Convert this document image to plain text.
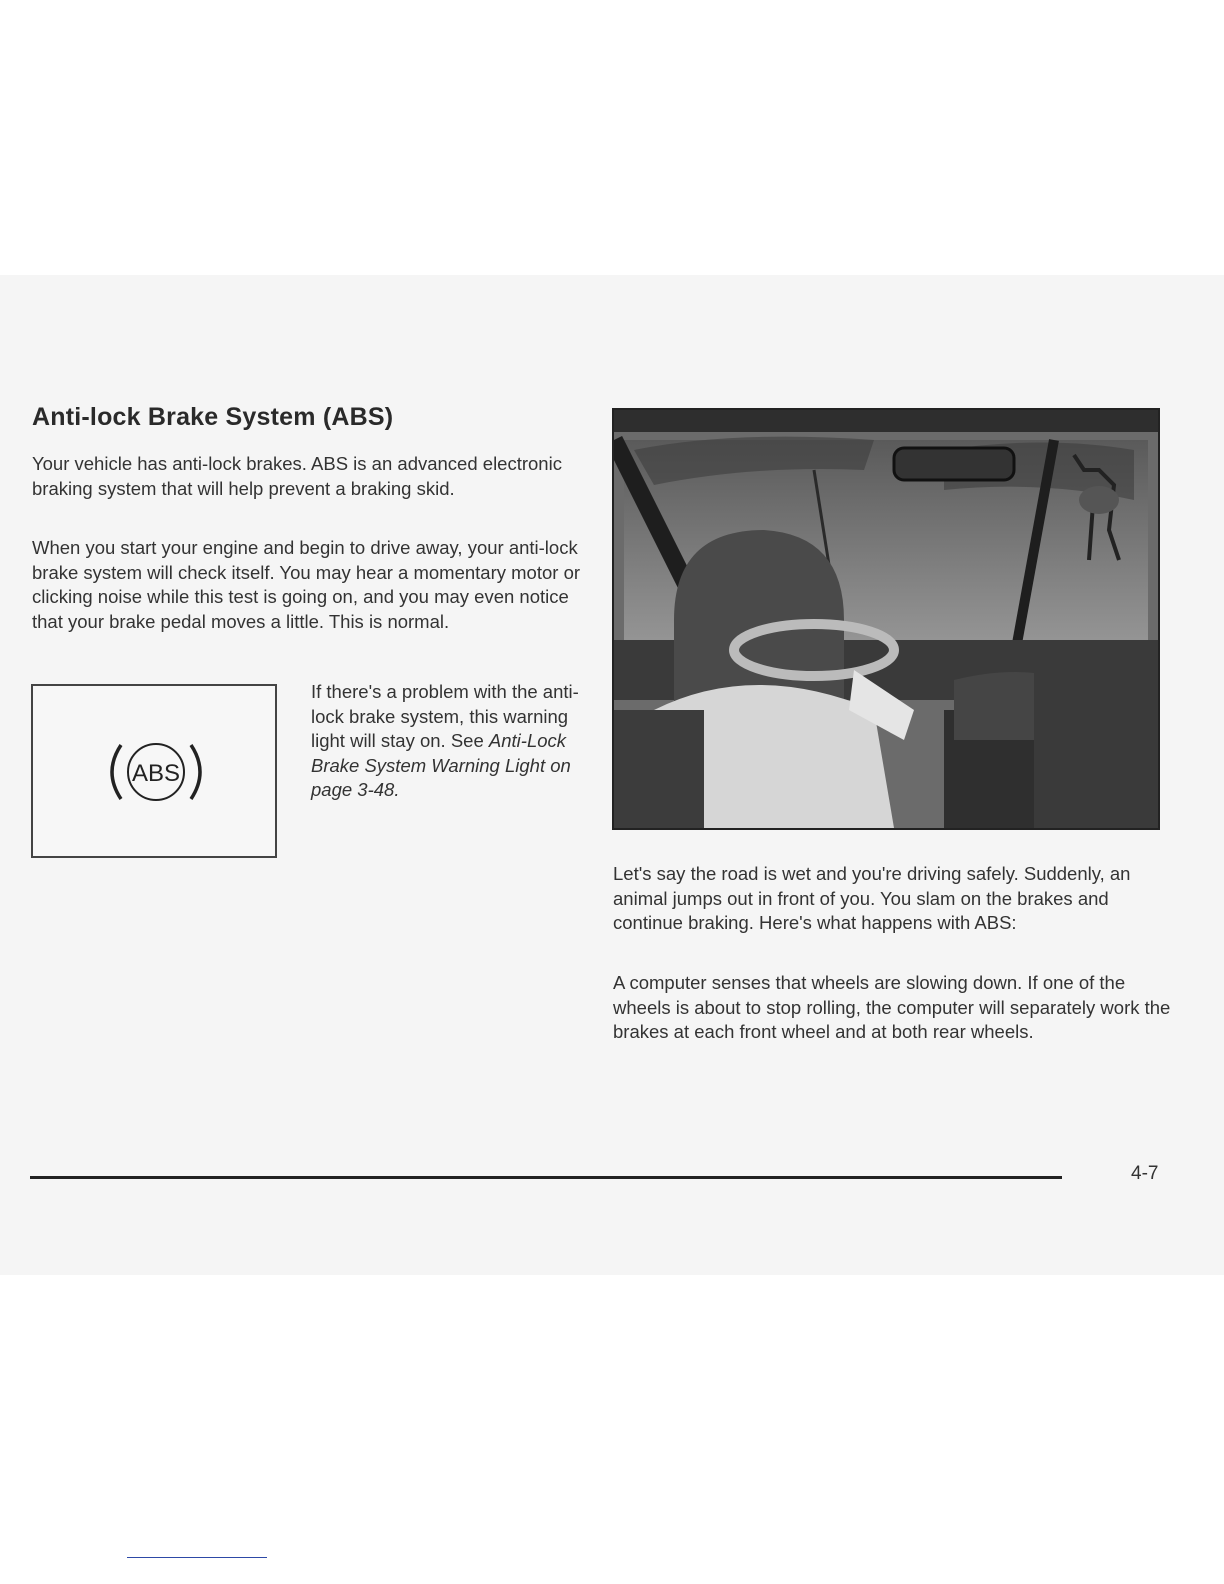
Anti-lock Brake System (ABS)

Your vehicle has anti-lock brakes. ABS is an advanced electronic braking system that will help prevent a braking skid.

When you start your engine and begin to drive away, your anti-lock brake system will check itself. You may hear a momentary motor or clicking noise while this test is going on, and you may even notice that your brake pedal moves a little. This is normal.

ABS

If there's a problem with the anti-lock brake system, this warning light will stay on. See Anti-Lock Brake System Warning Light on page 3-48.

Let's say the road is wet and you're driving safely. Suddenly, an animal jumps out in front of you. You slam on the brakes and continue braking. Here's what happens with ABS:

A computer senses that wheels are slowing down. If one of the wheels is about to stop rolling, the computer will separately work the brakes at each front wheel and at both rear wheels.

4-7
